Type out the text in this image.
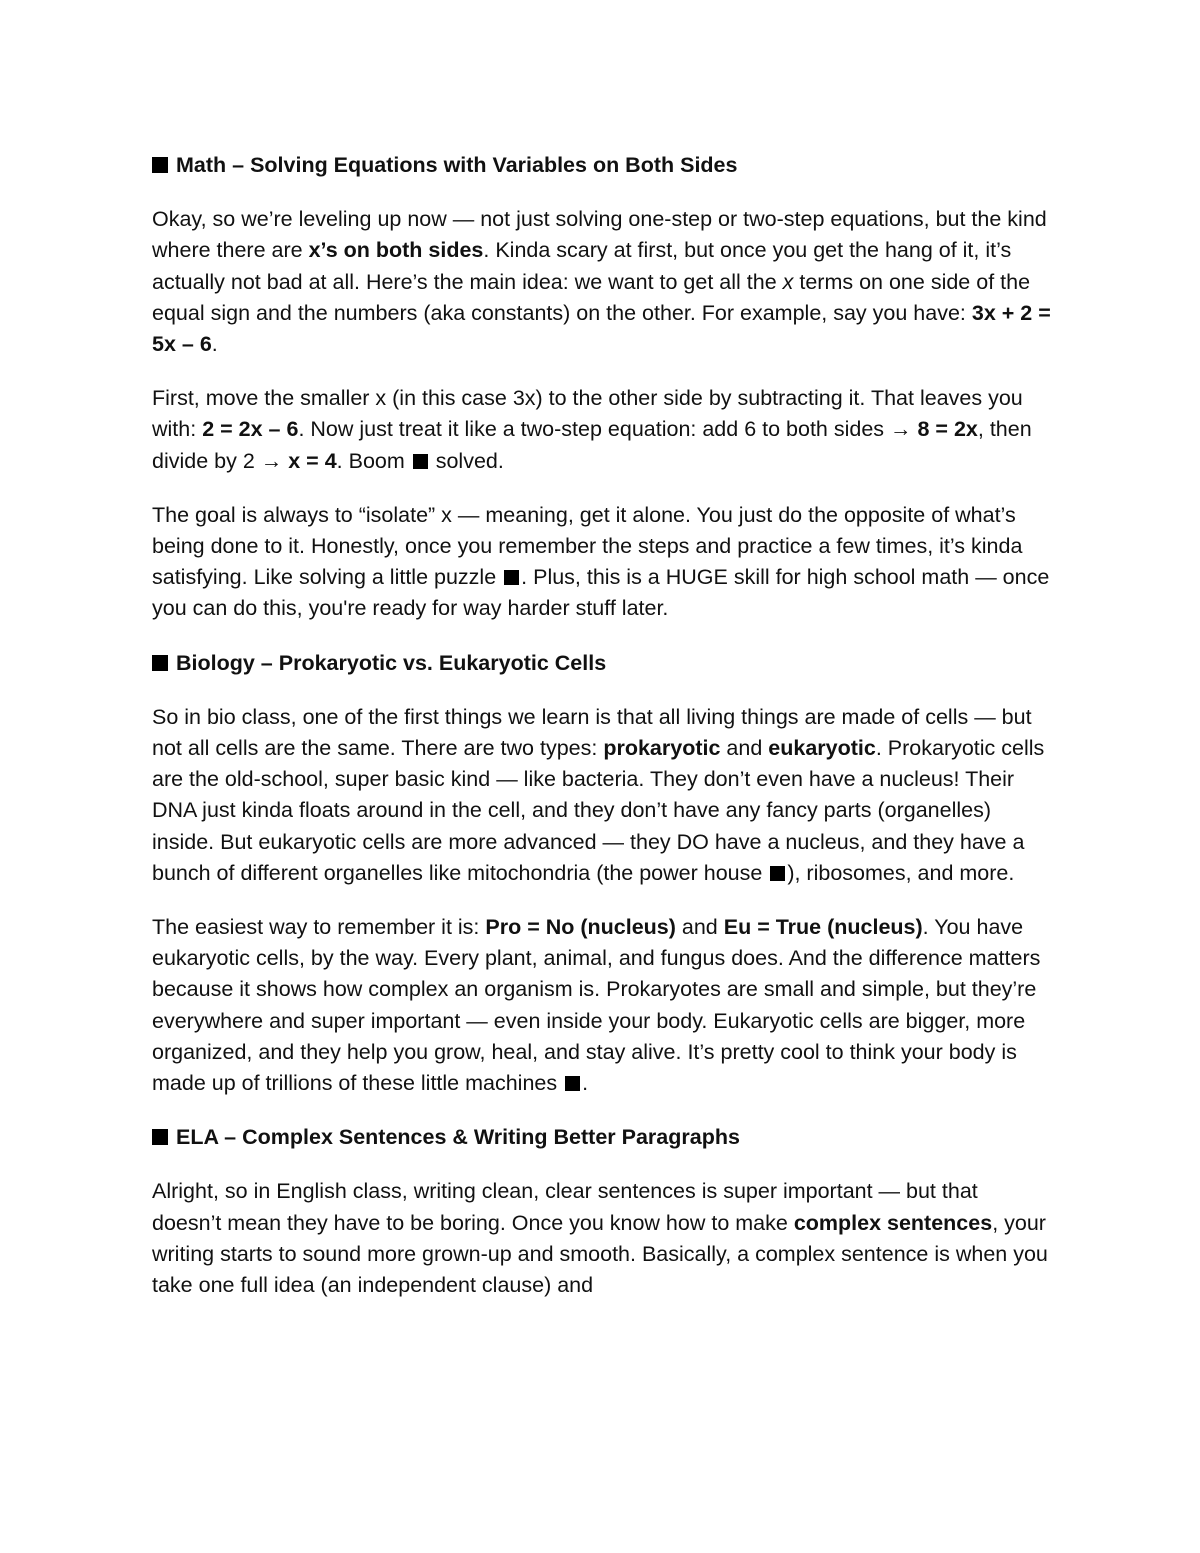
Math – Solving Equations with Variables on Both Sides

Okay, so we’re leveling up now — not just solving one-step or two-step equations, but the kind where there are x’s on both sides. Kinda scary at first, but once you get the hang of it, it’s actually not bad at all. Here’s the main idea: we want to get all the x terms on one side of the equal sign and the numbers (aka constants) on the other. For example, say you have: 3x + 2 = 5x – 6.

First, move the smaller x (in this case 3x) to the other side by subtracting it. That leaves you with: 2 = 2x – 6. Now just treat it like a two-step equation: add 6 to both sides → 8 = 2x, then divide by 2 → x = 4. Boom  solved.

The goal is always to “isolate” x — meaning, get it alone. You just do the opposite of what’s being done to it. Honestly, once you remember the steps and practice a few times, it’s kinda satisfying. Like solving a little puzzle . Plus, this is a HUGE skill for high school math — once you can do this, you're ready for way harder stuff later.

Biology – Prokaryotic vs. Eukaryotic Cells

So in bio class, one of the first things we learn is that all living things are made of cells — but not all cells are the same. There are two types: prokaryotic and eukaryotic. Prokaryotic cells are the old-school, super basic kind — like bacteria. They don’t even have a nucleus! Their DNA just kinda floats around in the cell, and they don’t have any fancy parts (organelles) inside. But eukaryotic cells are more advanced — they DO have a nucleus, and they have a bunch of different organelles like mitochondria (the power house ), ribosomes, and more.

The easiest way to remember it is: Pro = No (nucleus) and Eu = True (nucleus). You have eukaryotic cells, by the way. Every plant, animal, and fungus does. And the difference matters because it shows how complex an organism is. Prokaryotes are small and simple, but they’re everywhere and super important — even inside your body. Eukaryotic cells are bigger, more organized, and they help you grow, heal, and stay alive. It’s pretty cool to think your body is made up of trillions of these little machines .

ELA – Complex Sentences & Writing Better Paragraphs

Alright, so in English class, writing clean, clear sentences is super important — but that doesn’t mean they have to be boring. Once you know how to make complex sentences, your writing starts to sound more grown-up and smooth. Basically, a complex sentence is when you take one full idea (an independent clause) and
